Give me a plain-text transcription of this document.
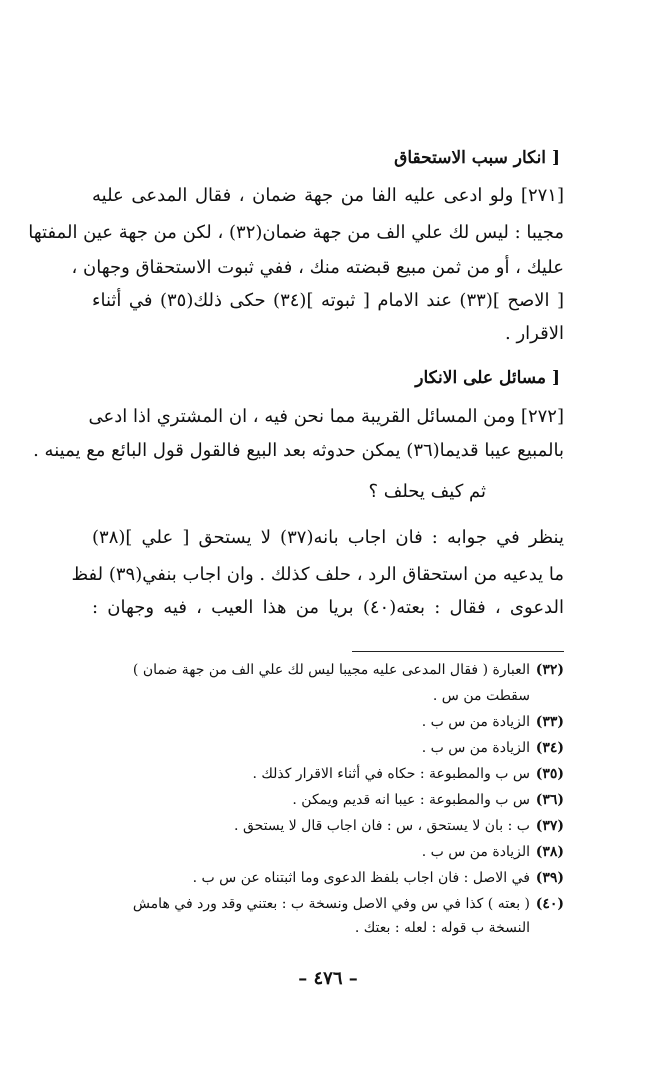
[ انكار سبب الاستحقاق
[٢٧١] ولو ادعى عليه الفا من جهة ضمان ، فقال المدعى عليه
مجيبا : ليس لك علي الف من جهة ضمان(٣٢) ، لكن من جهة عين المفتها
عليك ، أو من ثمن مبيع قبضته منك ، ففي ثبوت الاستحقاق وجهان ،
[ الاصح ](٣٣) عند الامام [ ثبوته ](٣٤) حكى ذلك(٣٥) في أثناء
الاقرار .
[ مسائل على الانكار
[٢٧٢] ومن المسائل القريبة مما نحن فيه ، ان المشتري اذا ادعى
بالمبيع عيبا قديما(٣٦) يمكن حدوثه بعد البيع فالقول قول البائع مع يمينه .
ثم كيف يحلف ؟
ينظر في جوابه : فان اجاب بانه(٣٧) لا يستحق [ علي ](٣٨)
ما يدعيه من استحقاق الرد ، حلف كذلك . وان اجاب بنفي(٣٩) لفظ
الدعوى ، فقال : بعته(٤٠) بريا من هذا العيب ، فيه وجهان :
(٣٢)العبارة ( فقال المدعى عليه مجيبا ليس لك علي الف من جهة ضمان )
سقطت من س .
(٣٣)الزيادة من س ب .
(٣٤)الزيادة من س ب .
(٣٥)س ب والمطبوعة : حكاه في أثناء الاقرار كذلك .
(٣٦)س ب والمطبوعة : عيبا انه قديم ويمكن .
(٣٧)ب : بان لا يستحق ، س : فان اجاب قال لا يستحق .
(٣٨)الزيادة من س ب .
(٣٩)في الاصل : فان اجاب بلفظ الدعوى وما اثبتناه عن س ب .
(٤٠)( بعته ) كذا في س وفي الاصل ونسخة ب : بعتني وقد ورد في هامش
النسخة ب قوله : لعله : بعتك .
– ٤٧٦ –
